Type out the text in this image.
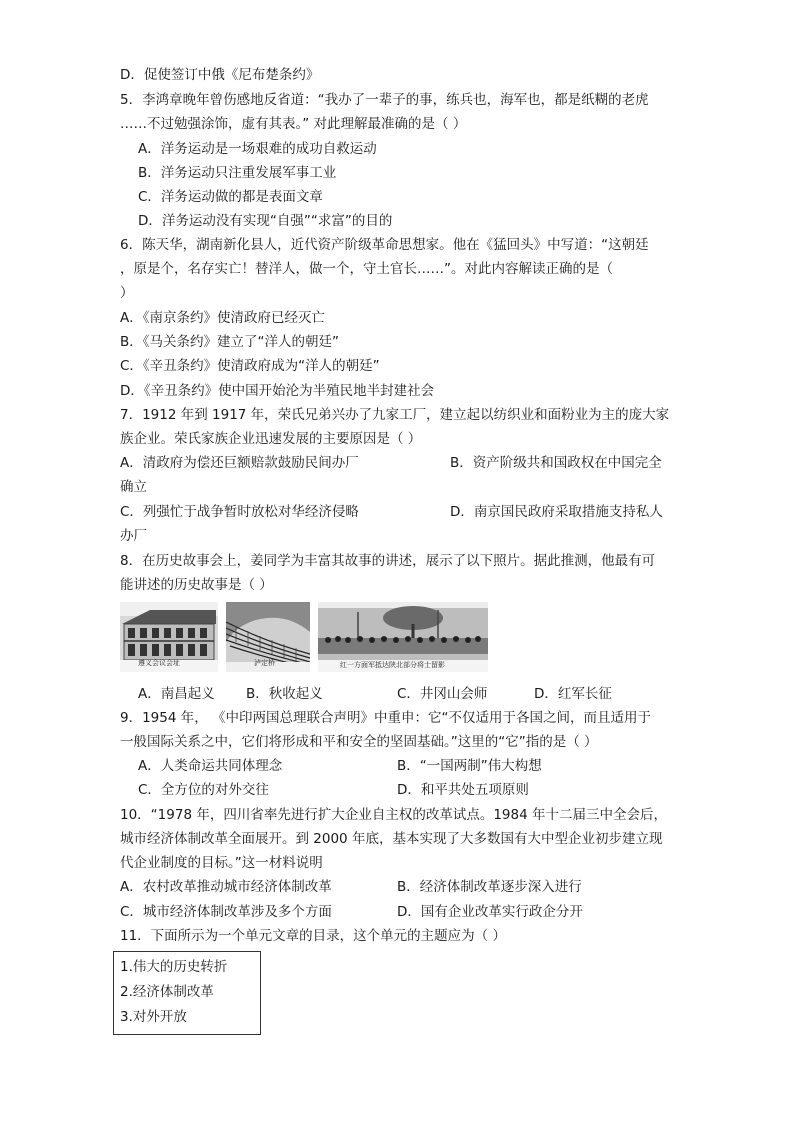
D．促使签订中俄《尼布楚条约》
5．李鸿章晚年曾伤感地反省道：“我办了一辈子的事，练兵也，海军也，都是纸糊的老虎
……不过勉强涂饰，虚有其表。” 对此理解最准确的是（ ）
A．洋务运动是一场艰难的成功自救运动
B．洋务运动只注重发展军事工业
C．洋务运动做的都是表面文章
D．洋务运动没有实现“自强”“求富”的目的
6．陈天华，湖南新化县人，近代资产阶级革命思想家。他在《猛回头》中写道：“这朝廷
，原是个，名存实亡！替洋人，做一个，守土官长……”。对此内容解读正确的是（
）
A．《南京条约》使清政府已经灭亡
B．《马关条约》建立了“洋人的朝廷”
C．《辛丑条约》使清政府成为“洋人的朝廷”
D．《辛丑条约》使中国开始沦为半殖民地半封建社会
7．1912 年到 1917 年，荣氏兄弟兴办了九家工厂，建立起以纺织业和面粉业为主的庞大家
族企业。荣氏家族企业迅速发展的主要原因是（ ）
A．清政府为偿还巨额赔款鼓励民间办厂	B．资产阶级共和国政权在中国完全
确立
C．列强忙于战争暂时放松对华经济侵略	D．南京国民政府采取措施支持私人
办厂
8．在历史故事会上，姜同学为丰富其故事的讲述，展示了以下照片。据此推测，他最有可
能讲述的历史故事是（ ）
遵义会议会址	泸定桥	红一方面军抵达陕北部分将士留影
A．南昌起义 B．秋收起义	C．井冈山会师	D．红军长征
9．1954 年， 《中印两国总理联合声明》中重申：它“不仅适用于各国之间，而且适用于
一般国际关系之中，它们将形成和平和安全的坚固基础。”这里的“它”指的是（ ）
A．人类命运共同体理念	B．“一国两制”伟大构想
C．全方位的对外交往	D．和平共处五项原则
10．“1978 年，四川省率先进行扩大企业自主权的改革试点。1984 年十二届三中全会后，
城市经济体制改革全面展开。到 2000 年底，基本实现了大多数国有大中型企业初步建立现
代企业制度的目标。”这一材料说明
A．农村改革推动城市经济体制改革	B．经济体制改革逐步深入进行
C．城市经济体制改革涉及多个方面	D．国有企业改革实行政企分开
11．下面所示为一个单元文章的目录，这个单元的主题应为（ ）
1.伟大的历史转折
2.经济体制改革
3.对外开放
